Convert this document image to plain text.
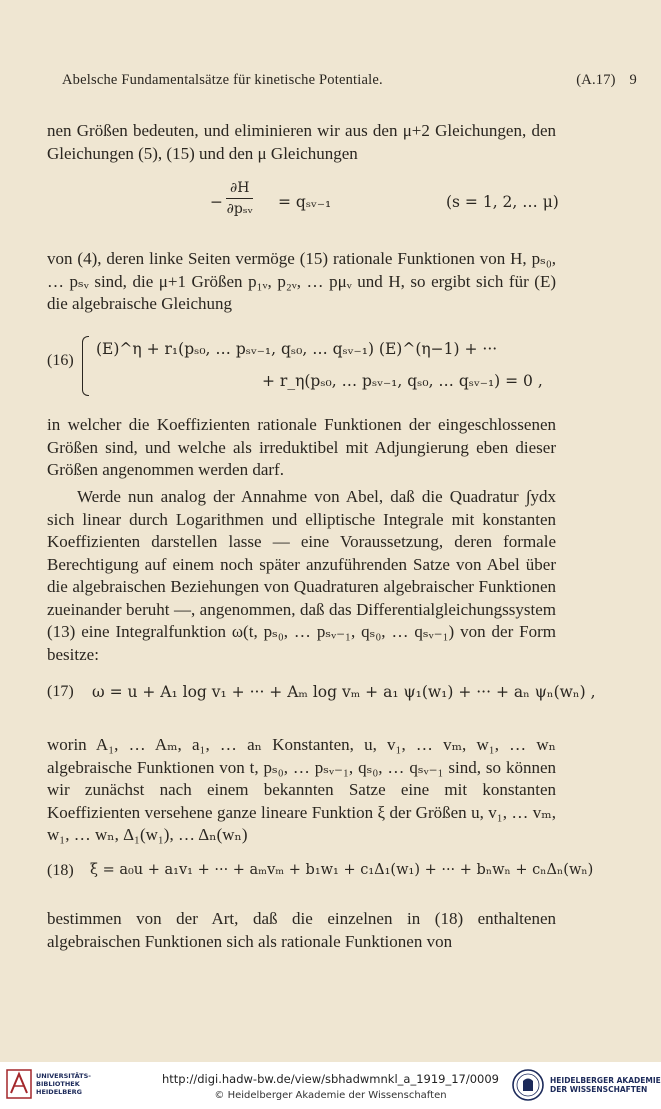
Abelsche Fundamentalsätze für kinetische Potentiale.	(A.17) 9
nen Größen bedeuten, und eliminieren wir aus den μ+2 Gleichungen, den Gleichungen (5), (15) und den μ Gleichungen
∂H
∂pₛᵥ
−	= qₛᵥ₋₁	(s = 1, 2, … μ)
von (4), deren linke Seiten vermöge (15) rationale Funktionen von H, pₛ₀, … pₛᵥ sind, die μ+1 Größen p₁ᵥ, p₂ᵥ, … pμᵥ und H, so ergibt sich für (E) die algebraische Gleichung
(16)
(E)^η + r₁(pₛ₀, … pₛᵥ₋₁, qₛ₀, … qₛᵥ₋₁) (E)^(η−1) + ···
+ r_η(pₛ₀, … pₛᵥ₋₁, qₛ₀, … qₛᵥ₋₁) = 0 ,
in welcher die Koeffizienten rationale Funktionen der eingeschlossenen Größen sind, und welche als irreduktibel mit Adjungierung eben dieser Größen angenommen werden darf.
Werde nun analog der Annahme von Abel, daß die Quadratur ∫ydx sich linear durch Logarithmen und elliptische Integrale mit konstanten Koeffizienten darstellen lasse — eine Voraussetzung, deren formale Berechtigung auf einem noch später anzuführenden Satze von Abel über die algebraischen Beziehungen von Quadraturen algebraischer Funktionen zueinander beruht —, angenommen, daß das Differentialgleichungssystem (13) eine Integralfunktion ω(t, pₛ₀, … pₛᵥ₋₁, qₛ₀, … qₛᵥ₋₁) von der Form besitze:
(17) ω = u + A₁ log v₁ + ··· + Aₘ log vₘ + a₁ ψ₁(w₁) + ··· + aₙ ψₙ(wₙ) ,
worin A₁, … Aₘ, a₁, … aₙ Konstanten, u, v₁, … vₘ, w₁, … wₙ algebraische Funktionen von t, pₛ₀, … pₛᵥ₋₁, qₛ₀, … qₛᵥ₋₁ sind, so können wir zunächst nach einem bekannten Satze eine mit konstanten Koeffizienten versehene ganze lineare Funktion ξ der Größen u, v₁, … vₘ, w₁, … wₙ, Δ₁(w₁), … Δₙ(wₙ)
(18) ξ = a₀u + a₁v₁ + ··· + aₘvₘ + b₁w₁ + c₁Δ₁(w₁) + ··· + bₙwₙ + cₙΔₙ(wₙ)
bestimmen von der Art, daß die einzelnen in (18) enthaltenen algebraischen Funktionen sich als rationale Funktionen von
UNIVERSITÄTS-
BIBLIOTHEK
HEIDELBERG
http://digi.hadw-bw.de/view/sbhadwmnkl_a_1919_17/0009
© Heidelberger Akademie der Wissenschaften
HEIDELBERGER AKADEMIE
DER WISSENSCHAFTEN
